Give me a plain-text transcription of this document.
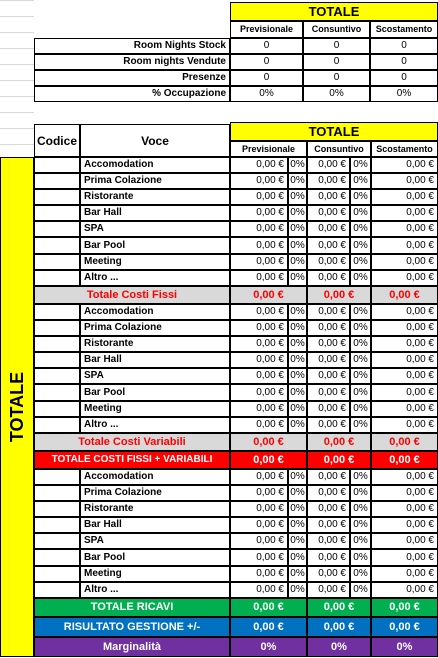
TOTALE
Previsionale	Consuntivo	Scostamento
Room Nights Stock	0	0	0
Room nights Vendute	0	0	0
Presenze	0	0	0
% Occupazione	0%	0%	0%
Codice	Voce
TOTALE
Previsionale	Consuntivo	Scostamento
Accomodation	0,00 € 0%	0,00 € 0%	0,00 €
Prima Colazione	0,00 € 0%	0,00 € 0%	0,00 €
Ristorante	0,00 € 0%	0,00 € 0%	0,00 €
Bar Hall	0,00 € 0%	0,00 € 0%	0,00 €
SPA	0,00 € 0%	0,00 € 0%	0,00 €
Bar Pool	0,00 € 0%	0,00 € 0%	0,00 €
Meeting	0,00 € 0%	0,00 € 0%	0,00 €
Altro ...	0,00 € 0%	0,00 € 0%	0,00 €
Totale Costi Fissi	0,00 €	0,00 €	0,00 €
Accomodation	0,00 € 0%	0,00 € 0%	0,00 €
Prima Colazione	0,00 € 0%	0,00 € 0%	0,00 €
Ristorante	0,00 € 0%	0,00 € 0%	0,00 €
Bar Hall	0,00 € 0%	0,00 € 0%	0,00 €
SPA	0,00 € 0%	0,00 € 0%	0,00 €
Bar Pool	0,00 € 0%	0,00 € 0%	0,00 €
Meeting	0,00 € 0%	0,00 € 0%	0,00 €
Altro ...	0,00 € 0%	0,00 € 0%	0,00 €
Totale Costi Variabili	0,00 €	0,00 €	0,00 €
TOTALE COSTI FISSI + VARIABILI	0,00 €	0,00 €	0,00 €
Accomodation	0,00 € 0%	0,00 € 0%	0,00 €
Prima Colazione	0,00 € 0%	0,00 € 0%	0,00 €
Ristorante	0,00 € 0%	0,00 € 0%	0,00 €
Bar Hall	0,00 € 0%	0,00 € 0%	0,00 €
SPA	0,00 € 0%	0,00 € 0%	0,00 €
Bar Pool	0,00 € 0%	0,00 € 0%	0,00 €
Meeting	0,00 € 0%	0,00 € 0%	0,00 €
Altro ...	0,00 € 0%	0,00 € 0%	0,00 €
TOTALE RICAVI	0,00 €	0,00 €	0,00 €
RISULTATO GESTIONE +/-	0,00 €	0,00 €	0,00 €
Marginalità	0%	0%	0%
TOTALE
